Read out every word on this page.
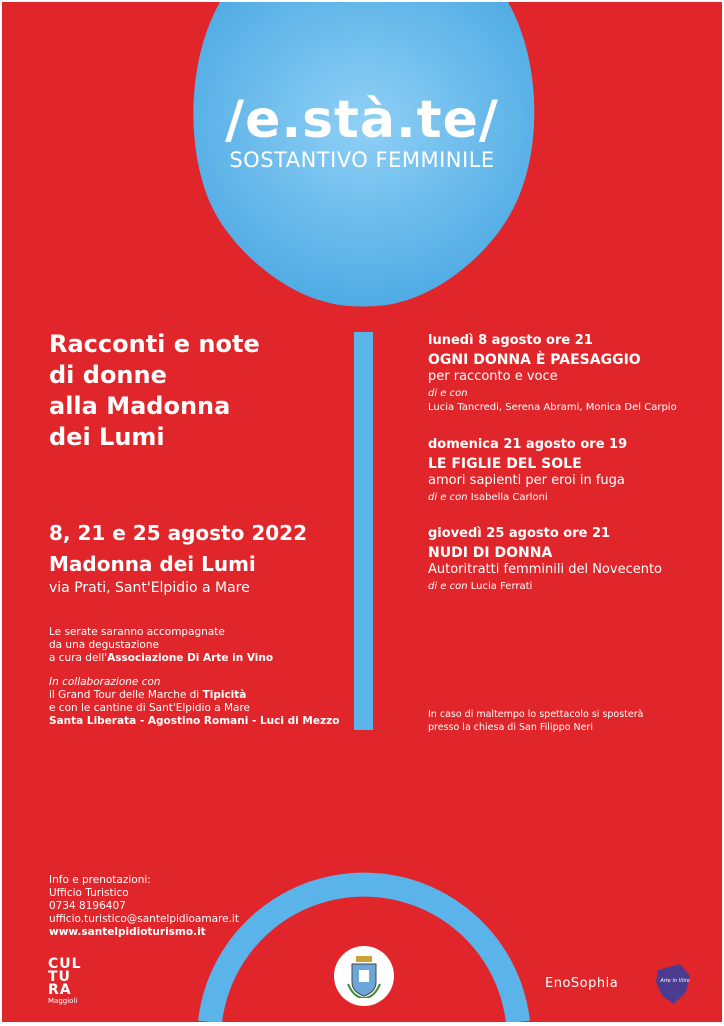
/e.stà.te/
SOSTANTIVO FEMMINILE
Racconti e note
di donne
alla Madonna
dei Lumi
8, 21 e 25 agosto 2022
Madonna dei Lumi
via Prati, Sant'Elpidio a Mare
Le serate saranno accompagnate
da una degustazione
a cura dell'Associazione Di Arte in Vino
In collaborazione con
il Grand Tour delle Marche di Tipicità
e con le cantine di Sant'Elpidio a Mare
Santa Liberata - Agostino Romani - Luci di Mezzo
Info e prenotazioni:
Ufficio Turistico
0734 8196407
ufficio.turistico@santelpidioamare.it
www.santelpidioturismo.it
lunedì 8 agosto ore 21
OGNI DONNA È PAESAGGIO
per racconto e voce
di e con
Lucia Tancredi, Serena Abrami, Monica Del Carpio
domenica 21 agosto ore 19
LE FIGLIE DEL SOLE
amori sapienti per eroi in fuga
di e con Isabella Carloni
giovedì 25 agosto ore 21
NUDI DI DONNA
Autoritratti femminili del Novecento
di e con Lucia Ferrati
In caso di maltempo lo spettacolo si sposterà
presso la chiesa di San Filippo Neri
CUL
TU
RA
Maggioli
EnoSophia	Arte in Vino
